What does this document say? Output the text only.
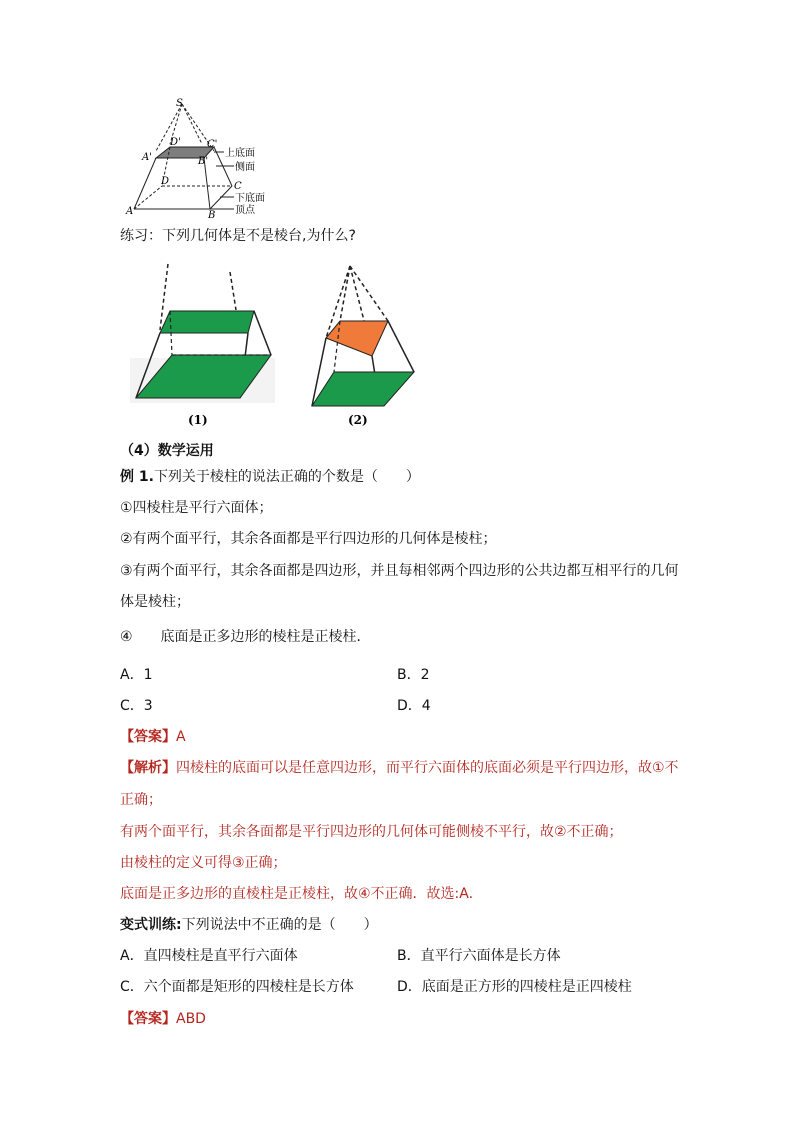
S
A'
D'	C'
B'
D	C
A	B
上底面
侧面
下底面
顶点
练习：下列几何体是不是棱台,为什么?
(1)	(2)
（4）数学运用
例 1.下列关于棱柱的说法正确的个数是（　　）
①四棱柱是平行六面体；
②有两个面平行，其余各面都是平行四边形的几何体是棱柱；
③有两个面平行，其余各面都是四边形，并且每相邻两个四边形的公共边都互相平行的几何
体是棱柱；
④　　底面是正多边形的棱柱是正棱柱．
A．1	B．2
C．3	D．4
【答案】A
【解析】四棱柱的底面可以是任意四边形，而平行六面体的底面必须是平行四边形，故①不
正确；
有两个面平行，其余各面都是平行四边形的几何体可能侧棱不平行，故②不正确；
由棱柱的定义可得③正确；
底面是正多边形的直棱柱是正棱柱，故④不正确．故选:A.
变式训练:下列说法中不正确的是（　　）
A．直四棱柱是直平行六面体	B．直平行六面体是长方体
C．六个面都是矩形的四棱柱是长方体	D．底面是正方形的四棱柱是正四棱柱
【答案】ABD
